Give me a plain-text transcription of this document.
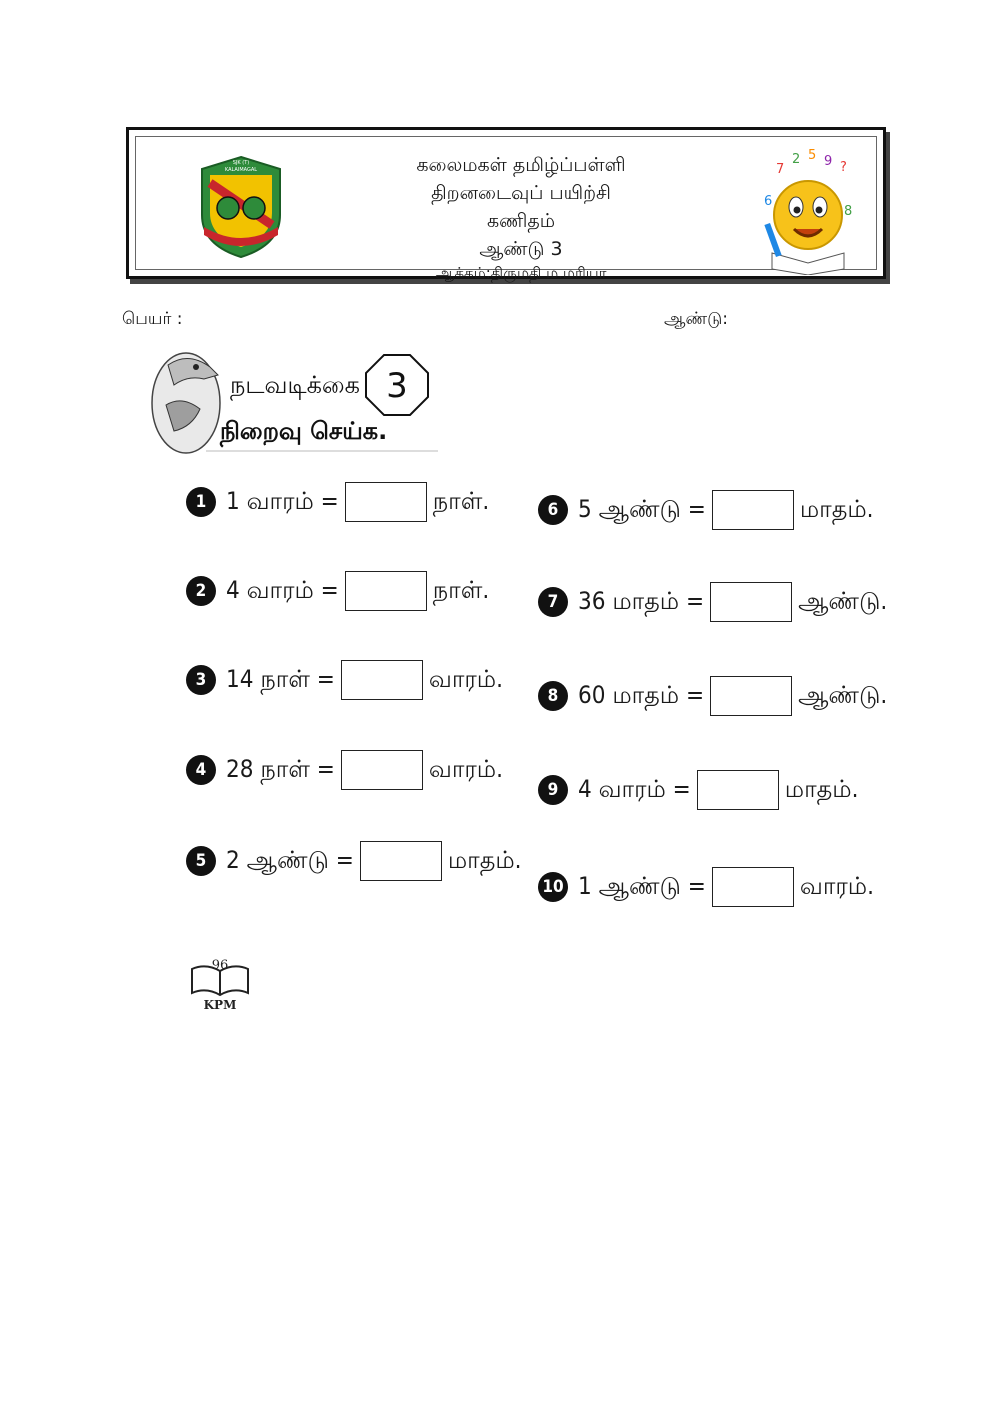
SJK (T)
KALAIMAGAL	கலைமகள் தமிழ்ப்பள்ளி
திறனடைவுப் பயிற்சி
கணிதம்
ஆண்டு 3
ஆக்கம்:திருமதி ம.மரியா
7
2 5 9 ?
6
8
பெயர் :	ஆண்டு:
நடவடிக்கை 3
நிறைவு செய்க.
1 1 வாரம் =	நாள்.
2 4 வாரம் =	நாள்.
3 14 நாள் =	வாரம்.
4 28 நாள் =	வாரம்.
5 2 ஆண்டு =	மாதம்.
6 5 ஆண்டு =	மாதம்.
7 36 மாதம் =	ஆண்டு.
8 60 மாதம் =	ஆண்டு.
9 4 வாரம் =	மாதம்.
10 1 ஆண்டு =	வாரம்.
96
KPM
